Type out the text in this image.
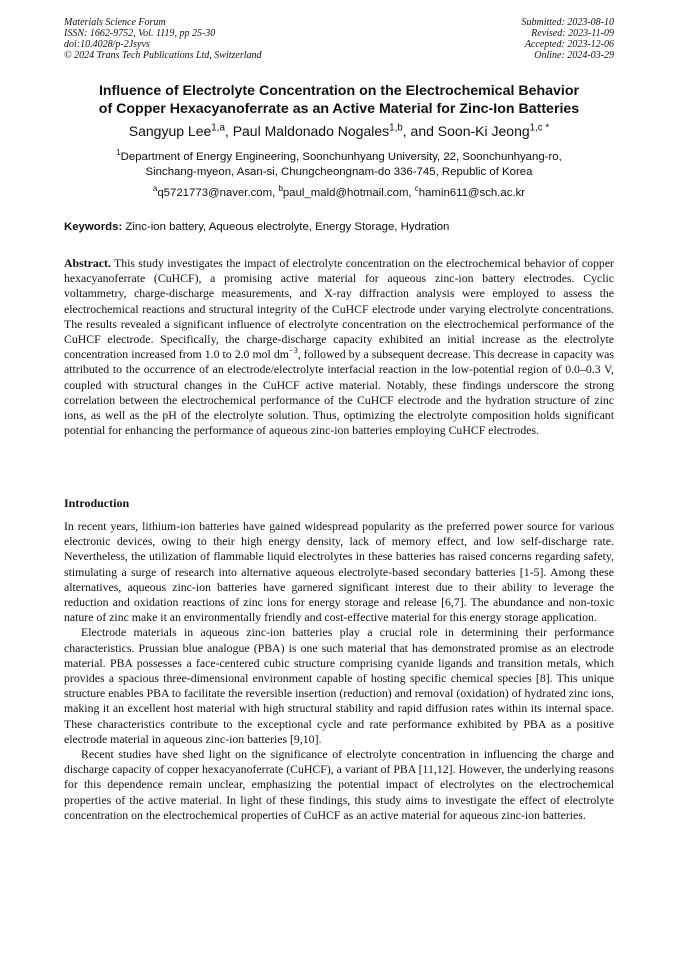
Materials Science Forum
ISSN: 1662-9752, Vol. 1119, pp 25-30
doi:10.4028/p-2Jsyvs
© 2024 Trans Tech Publications Ltd, Switzerland
Submitted: 2023-08-10
Revised: 2023-11-09
Accepted: 2023-12-06
Online: 2024-03-29
Influence of Electrolyte Concentration on the Electrochemical Behavior
of Copper Hexacyanoferrate as an Active Material for Zinc-Ion Batteries
Sangyup Lee$^{1,a}$, Paul Maldonado Nogales$^{1,b}$, and Soon-Ki Jeong$^{1,c *}$
$^1$Department of Energy Engineering, Soonchunhyang University, 22, Soonchunhyang-ro,
Sinchang-myeon, Asan-si, Chungcheongnam-do 336-745, Republic of Korea
$^a$q5721773@naver.com, $^b$paul_mald@hotmail.com, $^c$hamin611@sch.ac.kr
Keywords: Zinc-ion battery, Aqueous electrolyte, Energy Storage, Hydration
Abstract. This study investigates the impact of electrolyte concentration on the electrochemical behavior of copper hexacyanoferrate (CuHCF), a promising active material for aqueous zinc-ion battery electrodes. Cyclic voltammetry, charge-discharge measurements, and X-ray diffraction analysis were employed to assess the electrochemical reactions and structural integrity of the CuHCF electrode under varying electrolyte concentrations. The results revealed a significant influence of electrolyte concentration on the electrochemical performance of the CuHCF electrode. Specifically, the charge-discharge capacity exhibited an initial increase as the electrolyte concentration increased from 1.0 to 2.0 mol $dm^{-3}$, followed by a subsequent decrease. This decrease in capacity was attributed to the occurrence of an electrode/electrolyte interfacial reaction in the low-potential region of 0.0–0.3 V, coupled with structural changes in the CuHCF active material. Notably, these findings underscore the strong correlation between the electrochemical performance of the CuHCF electrode and the hydration structure of zinc ions, as well as the pH of the electrolyte solution. Thus, optimizing the electrolyte composition holds significant potential for enhancing the performance of aqueous zinc-ion batteries employing CuHCF electrodes.
Introduction

In recent years, lithium-ion batteries have gained widespread popularity as the preferred power source for various electronic devices, owing to their high energy density, lack of memory effect, and low self-discharge rate. Nevertheless, the utilization of flammable liquid electrolytes in these batteries has raised concerns regarding safety, stimulating a surge of research into alternative aqueous electrolyte-based secondary batteries [1-5]. Among these alternatives, aqueous zinc-ion batteries have garnered significant interest due to their ability to leverage the reduction and oxidation reactions of zinc ions for energy storage and release [6,7]. The abundance and non-toxic nature of zinc make it an environmentally friendly and cost-effective material for this energy storage application.

Electrode materials in aqueous zinc-ion batteries play a crucial role in determining their performance characteristics. Prussian blue analogue (PBA) is one such material that has demonstrated promise as an electrode material. PBA possesses a face-centered cubic structure comprising cyanide ligands and transition metals, which provides a spacious three-dimensional environment capable of hosting specific chemical species [8]. This unique structure enables PBA to facilitate the reversible insertion (reduction) and removal (oxidation) of hydrated zinc ions, making it an excellent host material with high structural stability and rapid diffusion rates within its internal space. These characteristics contribute to the exceptional cycle and rate performance exhibited by PBA as a positive electrode material in aqueous zinc-ion batteries [9,10].

Recent studies have shed light on the significance of electrolyte concentration in influencing the charge and discharge capacity of copper hexacyanoferrate (CuHCF), a variant of PBA [11,12]. However, the underlying reasons for this dependence remain unclear, emphasizing the potential impact of electrolytes on the electrochemical properties of the active material. In light of these findings, this study aims to investigate the effect of electrolyte concentration on the electrochemical properties of CuHCF as an active material for aqueous zinc-ion batteries.
